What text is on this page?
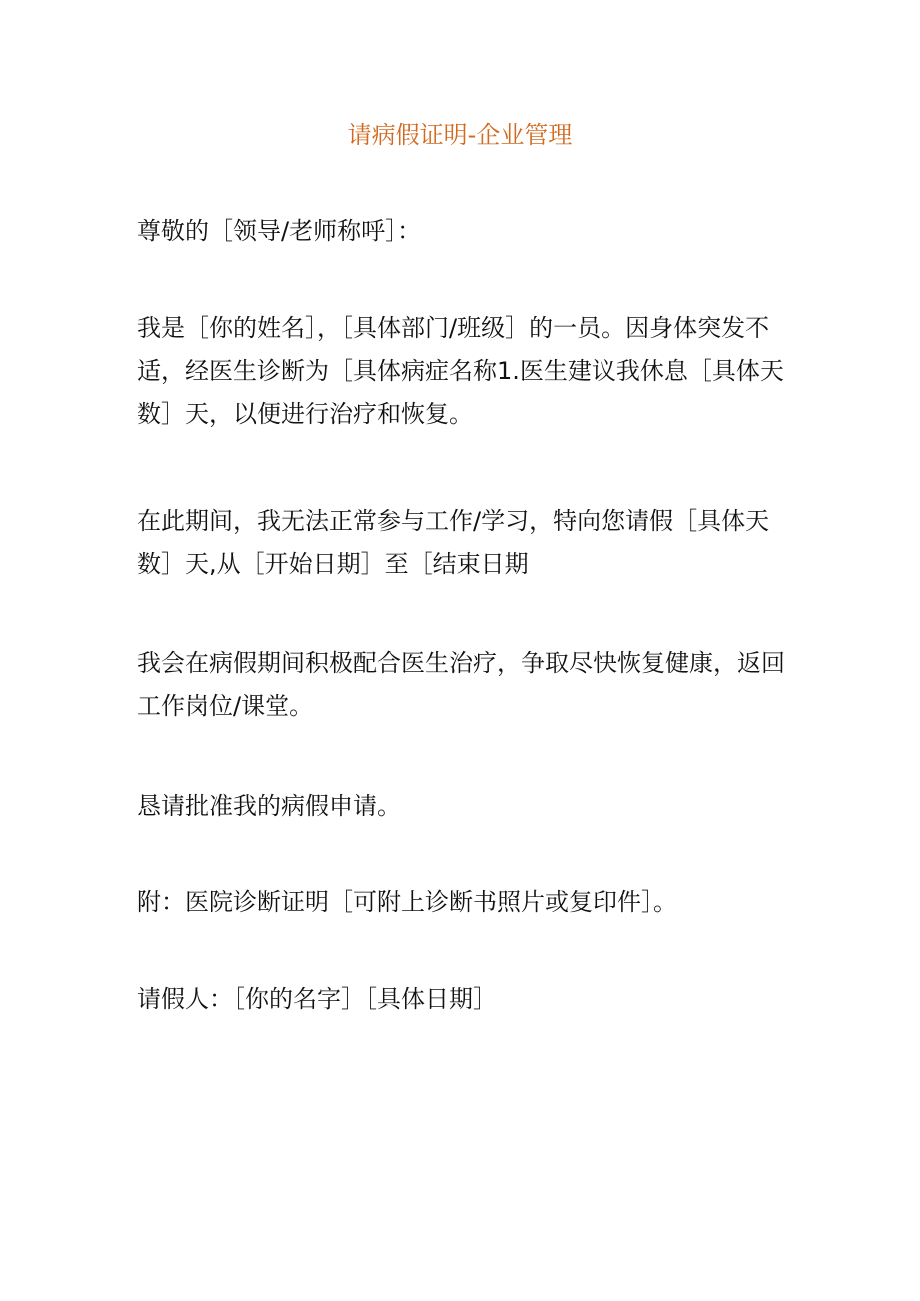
请病假证明-企业管理

尊敬的［领导/老师称呼］：

我是［你的姓名］，［具体部门/班级］的一员。因身体突发不适，经医生诊断为［具体病症名称1.医生建议我休息［具体天数］天，以便进行治疗和恢复。

在此期间，我无法正常参与工作/学习，特向您请假［具体天数］天,从［开始日期］至［结束日期

我会在病假期间积极配合医生治疗，争取尽快恢复健康，返回工作岗位/课堂。

恳请批准我的病假申请。

附：医院诊断证明［可附上诊断书照片或复印件］。

请假人：［你的名字］［具体日期］
